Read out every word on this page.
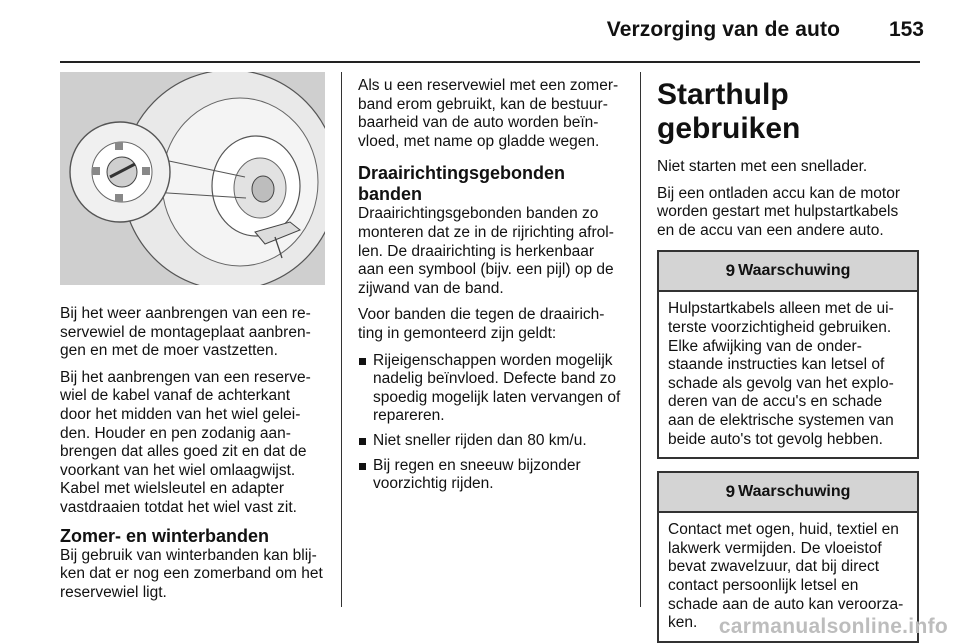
Verzorging van de auto 153

Bij het weer aanbrengen van een re-servewiel de montageplaat aanbren-gen en met de moer vastzetten.

Bij het aanbrengen van een reserve-wiel de kabel vanaf de achterkant door het midden van het wiel gelei-den. Houder en pen zodanig aan-brengen dat alles goed zit en dat de voorkant van het wiel omlaagwijst. Kabel met wielsleutel en adapter vastdraaien totdat het wiel vast zit.

Zomer- en winterbanden

Bij gebruik van winterbanden kan blij-ken dat er nog een zomerband om het reservewiel ligt.

Als u een reservewiel met een zomer-band erom gebruikt, kan de bestuur-baarheid van de auto worden beïn-vloed, met name op gladde wegen.

Draairichtingsgebonden banden

Draairichtingsgebonden banden zo monteren dat ze in de rijrichting afrol-len. De draairichting is herkenbaar aan een symbool (bijv. een pijl) op de zijwand van de band.

Voor banden die tegen de draairich-ting in gemonteerd zijn geldt:

Rijeigenschappen worden mogelijk nadelig beïnvloed. Defecte band zo spoedig mogelijk laten vervangen of repareren.
Niet sneller rijden dan 80 km/u.
Bij regen en sneeuw bijzonder voorzichtig rijden.
Starthulp gebruiken

Niet starten met een snellader.

Bij een ontladen accu kan de motor worden gestart met hulpstartkabels en de accu van een andere auto.

9 Waarschuwing
Hulpstartkabels alleen met de ui-terste voorzichtigheid gebruiken. Elke afwijking van de onder-staande instructies kan letsel of schade als gevolg van het explo-deren van de accu's en schade aan de elektrische systemen van beide auto's tot gevolg hebben.
9 Waarschuwing
Contact met ogen, huid, textiel en lakwerk vermijden. De vloeistof bevat zwavelzuur, dat bij direct contact persoonlijk letsel en schade aan de auto kan veroorza-ken.	carmanualsonline.info
